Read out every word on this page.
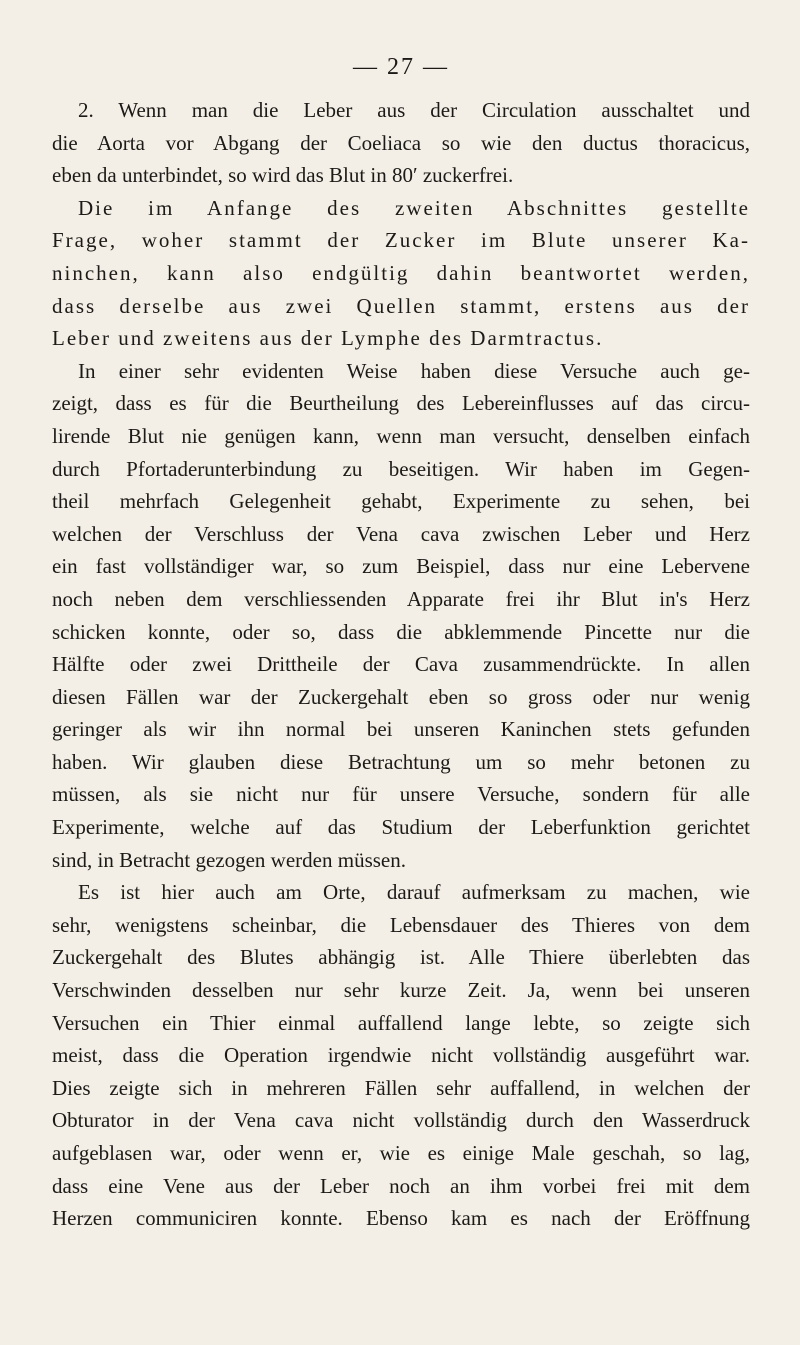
— 27 —
2. Wenn man die Leber aus der Circulation ausschaltet und
die Aorta vor Abgang der Coeliaca so wie den ductus thoracicus,
eben da unterbindet, so wird das Blut in 80′ zuckerfrei.
Die im Anfange des zweiten Abschnittes gestellte
Frage, woher stammt der Zucker im Blute unserer Ka-
ninchen, kann also endgültig dahin beantwortet werden,
dass derselbe aus zwei Quellen stammt, erstens aus der
Leber und zweitens aus der Lymphe des Darmtractus.
In einer sehr evidenten Weise haben diese Versuche auch ge-
zeigt, dass es für die Beurtheilung des Lebereinflusses auf das circu-
lirende Blut nie genügen kann, wenn man versucht, denselben einfach
durch Pfortaderunterbindung zu beseitigen. Wir haben im Gegen-
theil mehrfach Gelegenheit gehabt, Experimente zu sehen, bei
welchen der Verschluss der Vena cava zwischen Leber und Herz
ein fast vollständiger war, so zum Beispiel, dass nur eine Lebervene
noch neben dem verschliessenden Apparate frei ihr Blut in's Herz
schicken konnte, oder so, dass die abklemmende Pincette nur die
Hälfte oder zwei Drittheile der Cava zusammendrückte. In allen
diesen Fällen war der Zuckergehalt eben so gross oder nur wenig
geringer als wir ihn normal bei unseren Kaninchen stets gefunden
haben. Wir glauben diese Betrachtung um so mehr betonen zu
müssen, als sie nicht nur für unsere Versuche, sondern für alle
Experimente, welche auf das Studium der Leberfunktion gerichtet
sind, in Betracht gezogen werden müssen.
Es ist hier auch am Orte, darauf aufmerksam zu machen, wie
sehr, wenigstens scheinbar, die Lebensdauer des Thieres von dem
Zuckergehalt des Blutes abhängig ist. Alle Thiere überlebten das
Verschwinden desselben nur sehr kurze Zeit. Ja, wenn bei unseren
Versuchen ein Thier einmal auffallend lange lebte, so zeigte sich
meist, dass die Operation irgendwie nicht vollständig ausgeführt war.
Dies zeigte sich in mehreren Fällen sehr auffallend, in welchen der
Obturator in der Vena cava nicht vollständig durch den Wasserdruck
aufgeblasen war, oder wenn er, wie es einige Male geschah, so lag,
dass eine Vene aus der Leber noch an ihm vorbei frei mit dem
Herzen communiciren konnte. Ebenso kam es nach der Eröffnung
